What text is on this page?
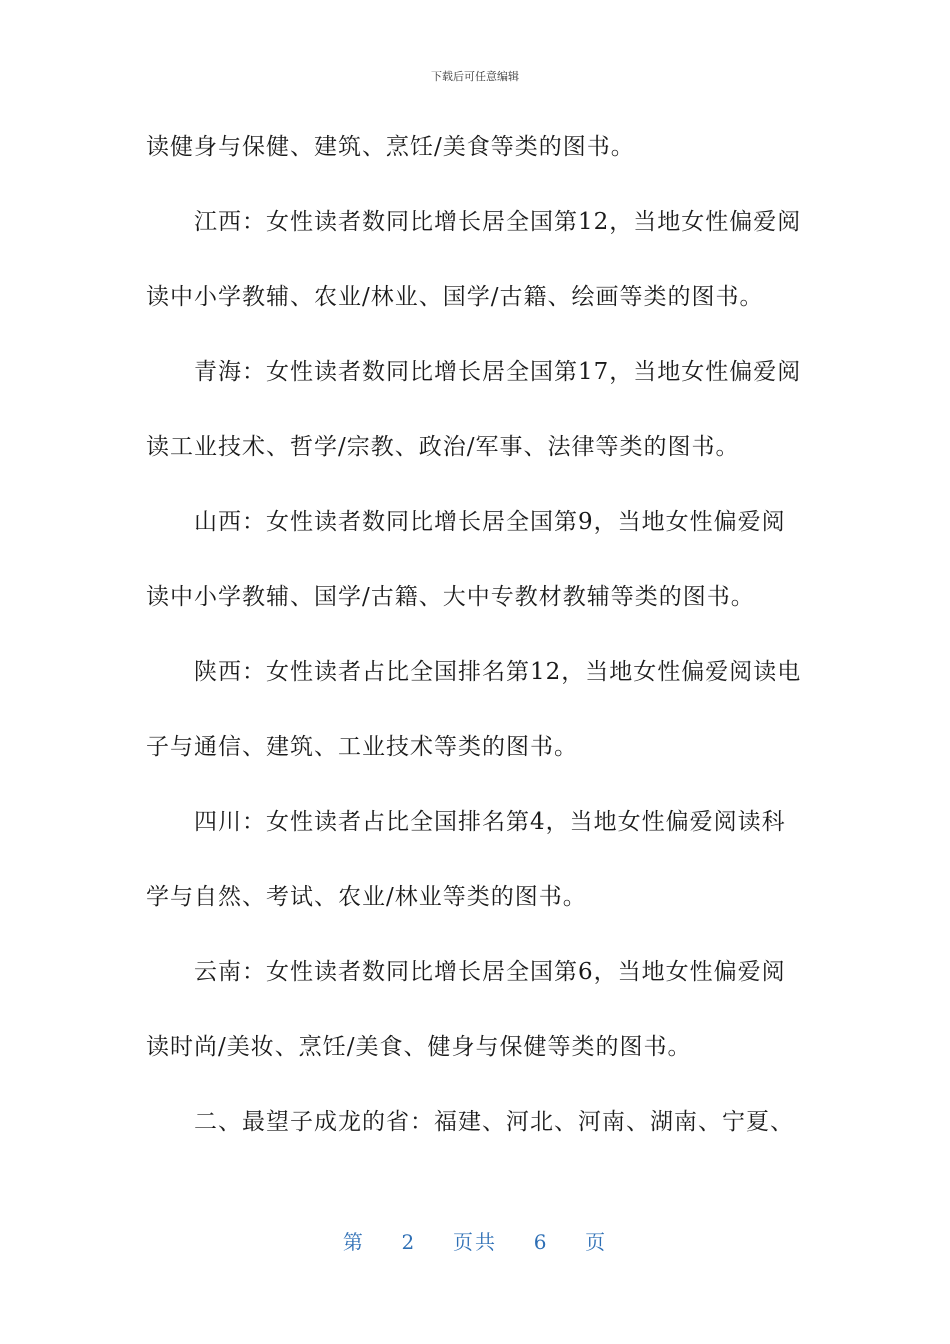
下载后可任意编辑

读健身与保健、建筑、烹饪/美食等类的图书。

江西：女性读者数同比增长居全国第12，当地女性偏爱阅

读中小学教辅、农业/林业、国学/古籍、绘画等类的图书。

青海：女性读者数同比增长居全国第17，当地女性偏爱阅

读工业技术、哲学/宗教、政治/军事、法律等类的图书。

山西：女性读者数同比增长居全国第9，当地女性偏爱阅

读中小学教辅、国学/古籍、大中专教材教辅等类的图书。

陕西：女性读者占比全国排名第12，当地女性偏爱阅读电

子与通信、建筑、工业技术等类的图书。

四川：女性读者占比全国排名第4，当地女性偏爱阅读科

学与自然、考试、农业/林业等类的图书。

云南：女性读者数同比增长居全国第6，当地女性偏爱阅

读时尚/美妆、烹饪/美食、健身与保健等类的图书。

二、最望子成龙的省：福建、河北、河南、湖南、宁夏、

第 2 页共 6 页
